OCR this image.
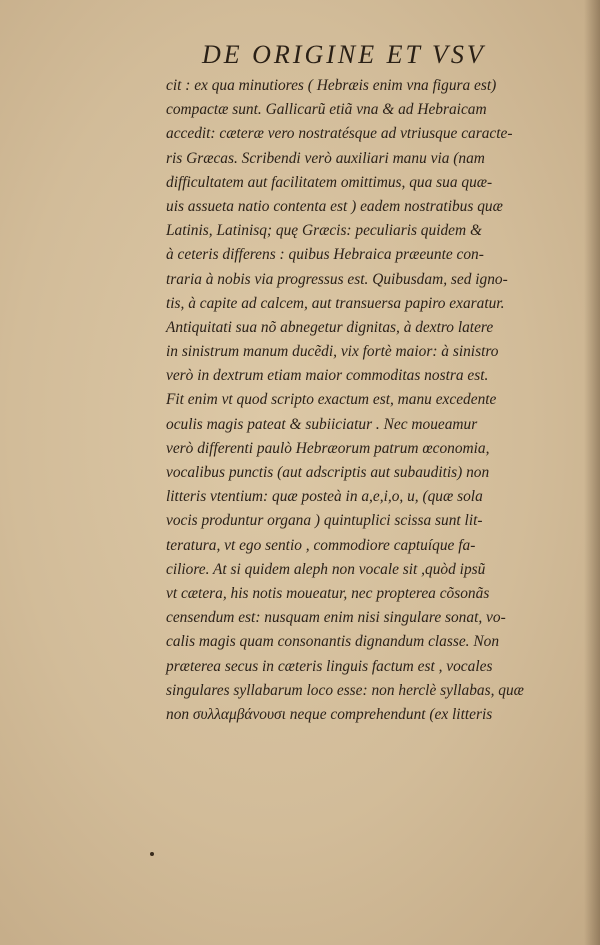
DE ORIGINE ET VSV
cit : ex qua minutiores ( Hebræis enim vna figura est)
compactæ sunt. Gallicarũ etiã vna & ad Hebraicam
accedit: cæteræ vero nostratésque ad vtriusque caracte-
ris Græcas. Scribendi verò auxiliari manu via (nam
difficultatem aut facilitatem omittimus, qua sua quæ-
uis assueta natio contenta est ) eadem nostratibus quæ
Latinis, Latinisq; quę Græcis: peculiaris quidem &
à ceteris differens : quibus Hebraica præeunte con-
traria à nobis via progressus est. Quibusdam, sed igno-
tis, à capite ad calcem, aut transuersa papiro exaratur.
Antiquitati sua nõ abnegetur dignitas, à dextro latere
in sinistrum manum ducẽdi, vix fortè maior: à sinistro
verò in dextrum etiam maior commoditas nostra est.
Fit enim vt quod scripto exactum est, manu excedente
oculis magis pateat & subiiciatur . Nec moueamur
verò differenti paulò Hebræorum patrum œconomia,
vocalibus punctis (aut adscriptis aut subauditis) non
litteris vtentium: quæ posteà in a,e,i,o, u, (quæ sola
vocis produntur organa ) quintuplici scissa sunt lit-
teratura, vt ego sentio , commodiore captuíque fa-
ciliore. At si quidem aleph non vocale sit ,quòd ipsũ
vt cætera, his notis moueatur, nec propterea cõsonãs
censendum est: nusquam enim nisi singulare sonat, vo-
calis magis quam consonantis dignandum classe. Non
præterea secus in cæteris linguis factum est , vocales
singulares syllabarum loco esse: non herclè syllabas, quæ
non συλλαμβάνουσι neque comprehendunt (ex litteris
